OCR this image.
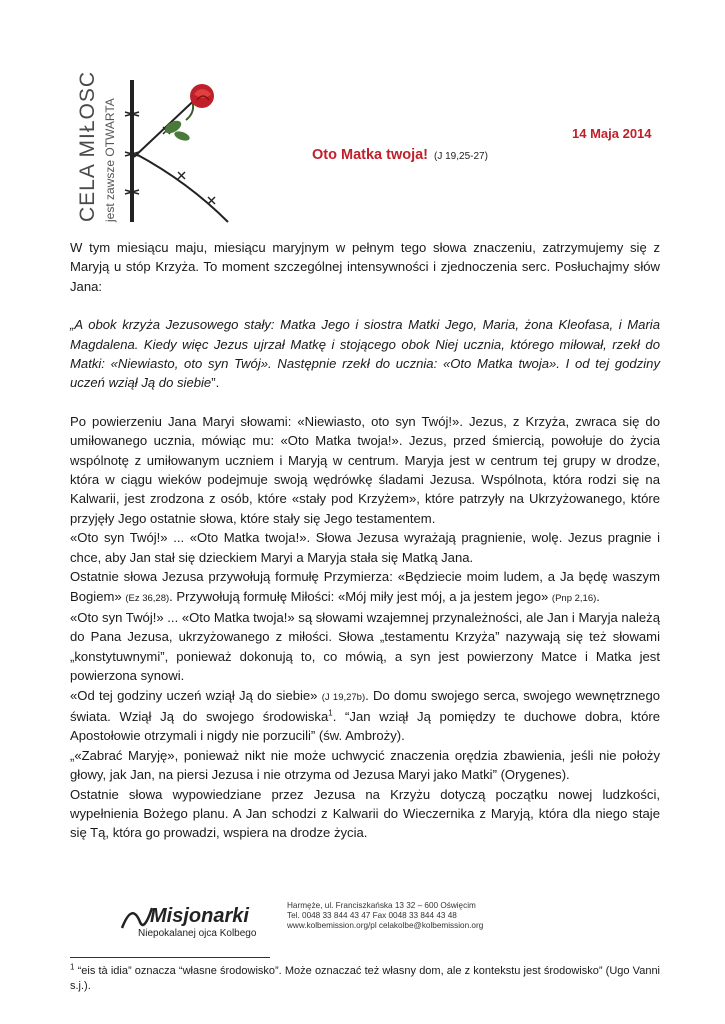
CELA MIŁOŚCI jest zawsze OTWARTA	14 Maja 2014
Oto Matka twoja! (J 19,25-27)

W tym miesiącu maju, miesiącu maryjnym w pełnym tego słowa znaczeniu, zatrzymujemy się z Maryją u stóp Krzyża. To moment szczególnej intensywności i zjednoczenia serc. Posłuchajmy słów Jana:

„A obok krzyża Jezusowego stały: Matka Jego i siostra Matki Jego, Maria, żona Kleofasa, i Maria Magdalena. Kiedy więc Jezus ujrzał Matkę i stojącego obok Niej ucznia, którego miłował, rzekł do Matki: «Niewiasto, oto syn Twój». Następnie rzekł do ucznia: «Oto Matka twoja». I od tej godziny uczeń wziął Ją do siebie”.

Po powierzeniu Jana Maryi słowami: «Niewiasto, oto syn Twój!». Jezus, z Krzyża, zwraca się do umiłowanego ucznia, mówiąc mu: «Oto Matka twoja!». Jezus, przed śmiercią, powołuje do życia wspólnotę z umiłowanym uczniem i Maryją w centrum. Maryja jest w centrum tej grupy w drodze, która w ciągu wieków podejmuje swoją wędrówkę śladami Jezusa. Wspólnota, która rodzi się na Kalwarii, jest zrodzona z osób, które «stały pod Krzyżem», które patrzyły na Ukrzyżowanego, które przyjęły Jego ostatnie słowa, które stały się Jego testamentem.

«Oto syn Twój!» ... «Oto Matka twoja!». Słowa Jezusa wyrażają pragnienie, wolę. Jezus pragnie i chce, aby Jan stał się dzieckiem Maryi a Maryja stała się Matką Jana.

Ostatnie słowa Jezusa przywołują formułę Przymierza: «Będziecie moim ludem, a Ja będę waszym Bogiem» (Ez 36,28). Przywołują formułę Miłości: «Mój miły jest mój, a ja jestem jego» (Pnp 2,16).

«Oto syn Twój!» ... «Oto Matka twoja!» są słowami wzajemnej przynależności, ale Jan i Maryja należą do Pana Jezusa, ukrzyżowanego z miłości. Słowa „testamentu Krzyża” nazywają się też słowami „konstytuwnymi”, ponieważ dokonują to, co mówią, a syn jest powierzony Matce i Matka jest powierzona synowi.

«Od tej godziny uczeń wziął Ją do siebie» (J 19,27b). Do domu swojego serca, swojego wewnętrznego świata. Wziął Ją do swojego środowiska$^1$. “Jan wziął Ją pomiędzy te duchowe dobra, które Apostołowie otrzymali i nigdy nie porzucili” (św. Ambroży).

„«Zabrać Maryję», ponieważ nikt nie może uchwycić znaczenia orędzia zbawienia, jeśli nie położy głowy, jak Jan, na piersi Jezusa i nie otrzyma od Jezusa Maryi jako Matki” (Orygenes).

Ostatnie słowa wypowiedziane przez Jezusa na Krzyżu dotyczą początku nowej ludzkości, wypełnienia Bożego planu. A Jan schodzi z Kalwarii do Wieczernika z Maryją, która dla niego staje się Tą, która go prowadzi, wspiera na drodze życia.

Misjonarki
Niepokalanej ojca Kolbego
Harmęże, ul. Franciszkańska 13 32 – 600 Oświęcim
Tel. 0048 33 844 43 47 Fax 0048 33 844 43 48
www.kolbemission.org/pl celakolbe@kolbemission.org
$^1$ “eis tà idia” oznacza “własne środowisko”. Może oznaczać też własny dom, ale z kontekstu jest środowisko” (Ugo Vanni s.j.).
